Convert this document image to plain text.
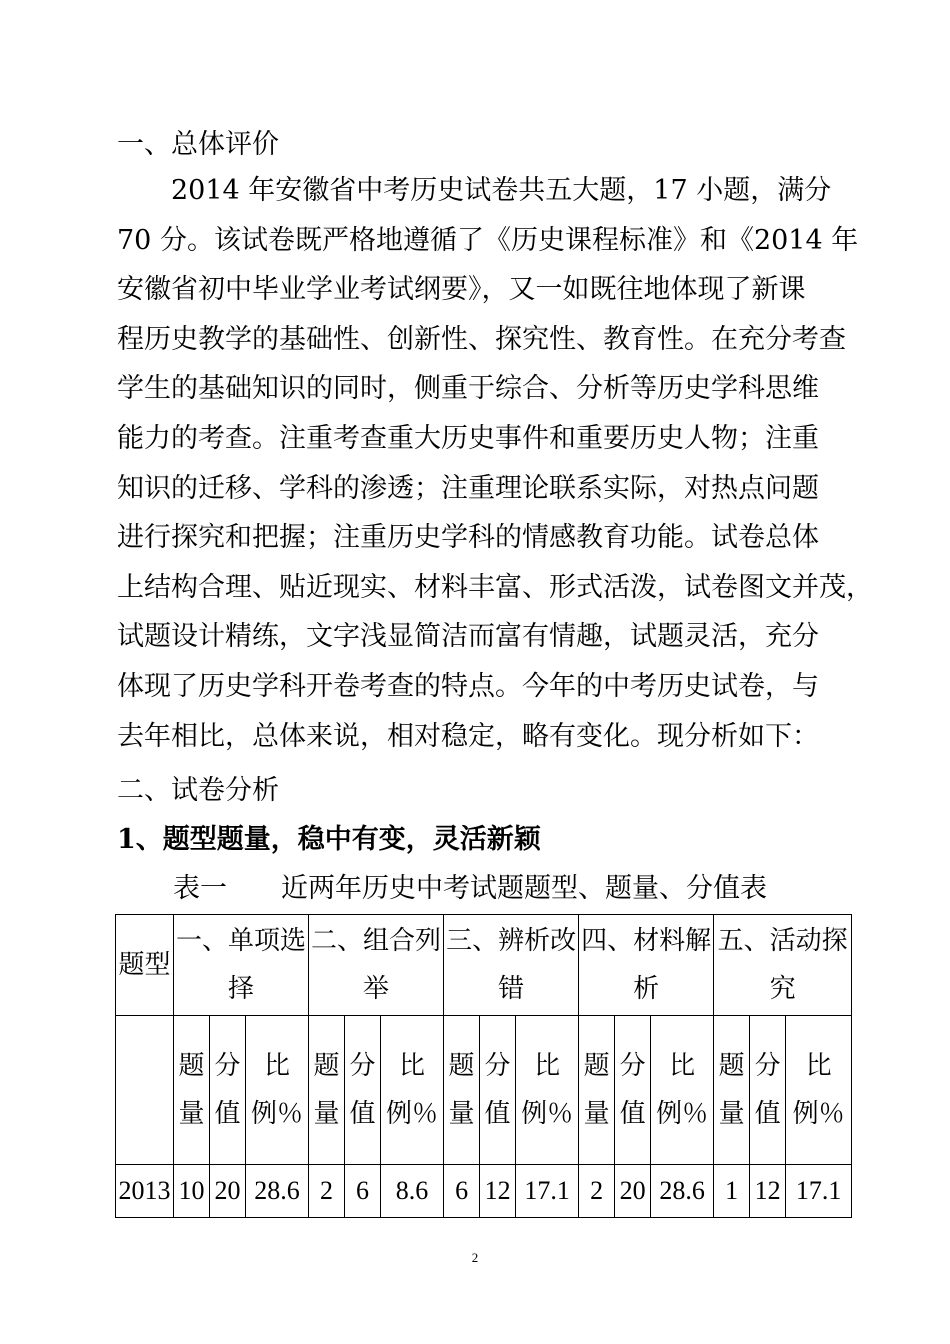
一、总体评价
　　2014 年安徽省中考历史试卷共五大题，17 小题，满分
70 分。该试卷既严格地遵循了《历史课程标准》和《2014 年
安徽省初中毕业学业考试纲要》，又一如既往地体现了新课
程历史教学的基础性、创新性、探究性、教育性。在充分考查
学生的基础知识的同时，侧重于综合、分析等历史学科思维
能力的考查。注重考查重大历史事件和重要历史人物；注重
知识的迁移、学科的渗透；注重理论联系实际，对热点问题
进行探究和把握；注重历史学科的情感教育功能。试卷总体
上结构合理、贴近现实、材料丰富、形式活泼，试卷图文并茂，
试题设计精练，文字浅显简洁而富有情趣，试题灵活，充分
体现了历史学科开卷考查的特点。今年的中考历史试卷，与
去年相比，总体来说，相对稳定，略有变化。现分析如下：
二、试卷分析
1、题型题量，稳中有变，灵活新颖
表一　　近两年历史中考试题题型、题量、分值表
题型	一、单项选择			二、组合列举			三、辨析改错			四、材料解析			五、活动探究		

	题量	分值	比例％	题量	分值	比例％	题量	分值	比例％	题量	分值	比例％	题量	分值	比例％

2013	10	20	28.6	2	6	8.6	6	12	17.1	2	20	28.6	1	12	17.1
2
